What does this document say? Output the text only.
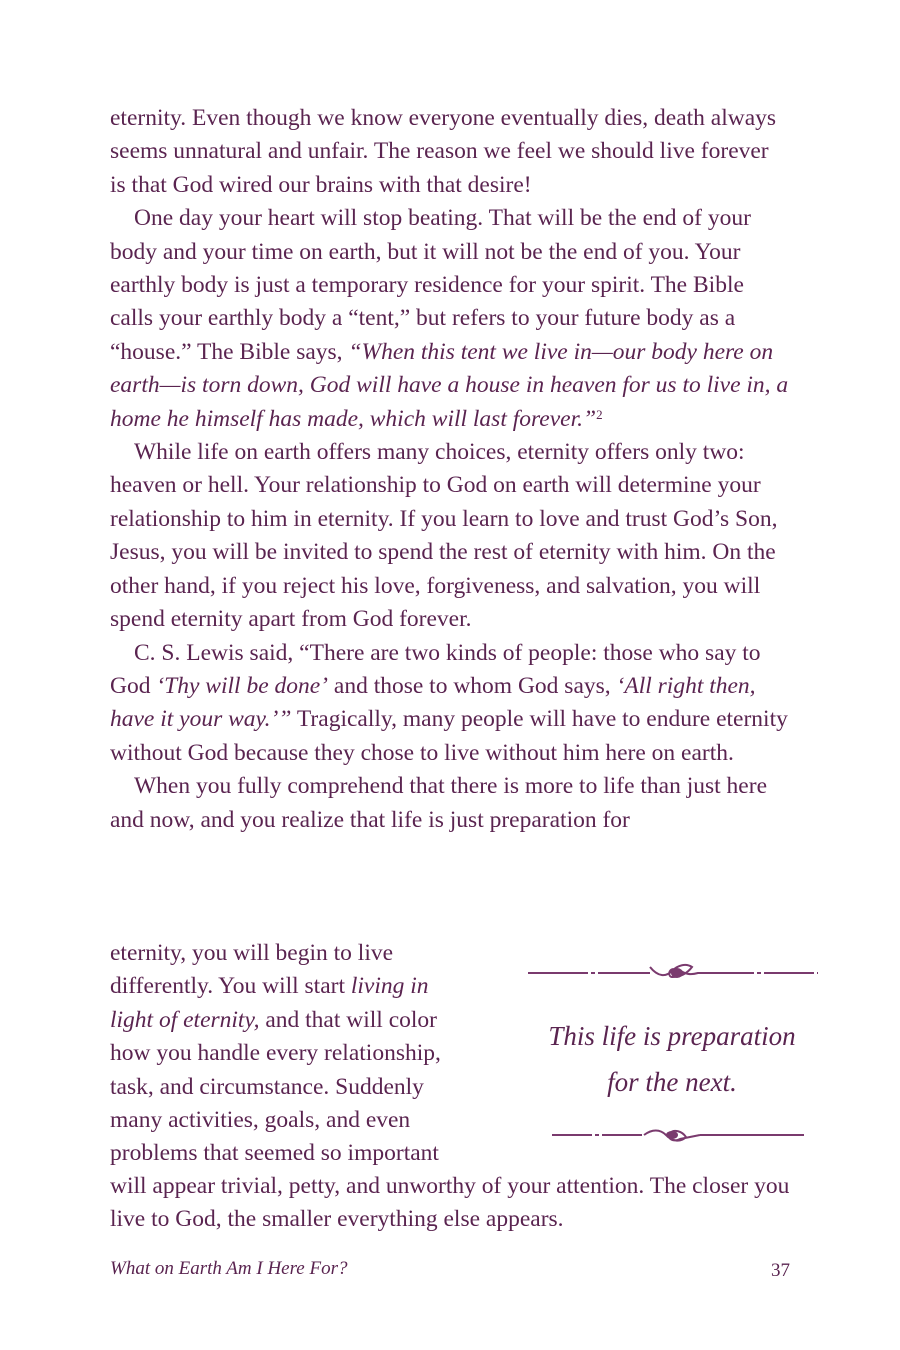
eternity. Even though we know everyone eventually dies, death always seems unnatural and unfair. The reason we feel we should live forever is that God wired our brains with that desire!

One day your heart will stop beating. That will be the end of your body and your time on earth, but it will not be the end of you. Your earthly body is just a temporary residence for your spirit. The Bible calls your earthly body a “tent,” but refers to your future body as a “house.” The Bible says, “When this tent we live in—our body here on earth—is torn down, God will have a house in heaven for us to live in, a home he himself has made, which will last forever.”$^2$

While life on earth offers many choices, eternity offers only two: heaven or hell. Your relationship to God on earth will determine your relationship to him in eternity. If you learn to love and trust God’s Son, Jesus, you will be invited to spend the rest of eternity with him. On the other hand, if you reject his love, forgiveness, and salvation, you will spend eternity apart from God forever.

C. S. Lewis said, “There are two kinds of people: those who say to God ‘Thy will be done’ and those to whom God says, ‘All right then, have it your way.’” Tragically, many people will have to endure eternity without God because they chose to live without him here on earth.

When you fully comprehend that there is more to life than just here and now, and you realize that life is just preparation for

eternity, you will begin to live differently. You will start living in light of eternity, and that will color how you handle every relationship, task, and circumstance. Suddenly many activities, goals, and even problems that seemed so important
will appear trivial, petty, and unworthy of your attention. The closer you live to God, the smaller everything else appears.
This life is preparation
for the next.
What on Earth Am I Here For?	37
